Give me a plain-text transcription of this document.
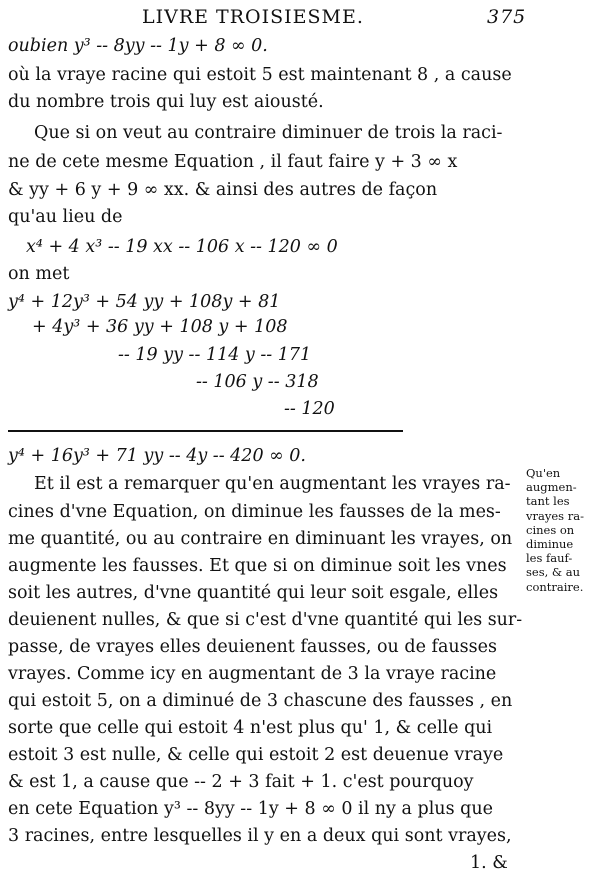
LIVRE TROISIESME.	375
oubien y³ -- 8yy -- 1y + 8 ∞ 0.
où la vraye racine qui estoit 5 est maintenant 8 , a cause
du nombre trois qui luy est aiousté.
Que si on veut au contraire diminuer de trois la raci-
ne de cete mesme Equation , il faut faire y + 3 ∞ x
& yy + 6 y + 9 ∞ xx. & ainsi des autres de façon
qu'au lieu de
x⁴ + 4 x³ -- 19 xx -- 106 x -- 120 ∞ 0
on met
y⁴ + 12y³ + 54 yy + 108y + 81
+ 4y³ + 36 yy + 108 y + 108
-- 19 yy -- 114 y -- 171
-- 106 y -- 318
-- 120
y⁴ + 16y³ + 71 yy -- 4y -- 420 ∞ 0.
Et il est a remarquer qu'en augmentant les vrayes ra-
cines d'vne Equation, on diminue les fausses de la mes-
me quantité, ou au contraire en diminuant les vrayes, on
augmente les fausses. Et que si on diminue soit les vnes
soit les autres, d'vne quantité qui leur soit esgale, elles
deuienent nulles, & que si c'est d'vne quantité qui les sur-
passe, de vrayes elles deuienent fausses, ou de fausses
vrayes. Comme icy en augmentant de 3 la vraye racine
qui estoit 5, on a diminué de 3 chascune des fausses , en
sorte que celle qui estoit 4 n'est plus qu' 1, & celle qui
estoit 3 est nulle, & celle qui estoit 2 est deuenue vraye
& est 1, a cause que -- 2 + 3 fait + 1. c'est pourquoy
en cete Equation y³ -- 8yy -- 1y + 8 ∞ 0 il ny a plus que
3 racines, entre lesquelles il y en a deux qui sont vrayes,
1. &
Qu'en
augmen-
tant les
vrayes ra-
cines on
diminue
les fauf-
ses, & au
contraire.
